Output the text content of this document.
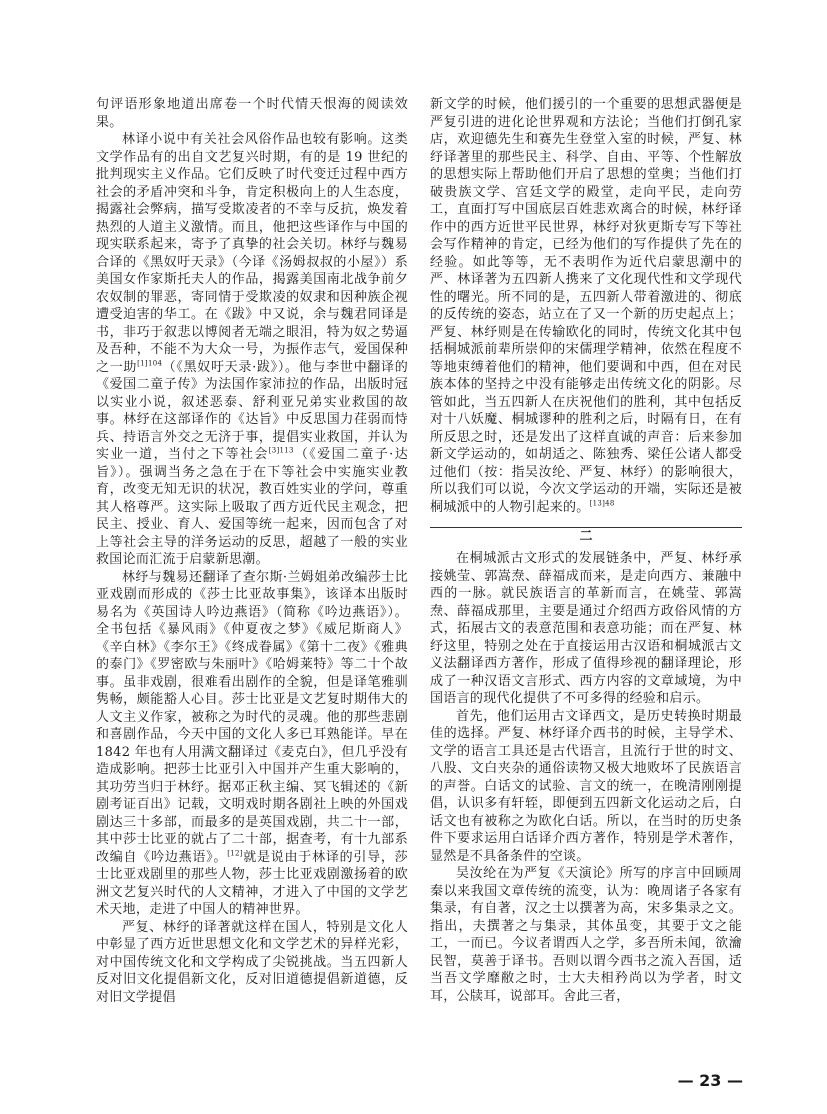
句评语形象地道出席卷一个时代情天恨海的阅读效果。

林译小说中有关社会风俗作品也较有影响。这类文学作品有的出自文艺复兴时期，有的是 19 世纪的批判现实主义作品。它们反映了时代变迁过程中西方社会的矛盾冲突和斗争，肯定积极向上的人生态度，揭露社会弊病，描写受欺凌者的不幸与反抗，焕发着热烈的人道主义激情。而且，他把这些译作与中国的现实联系起来，寄予了真挚的社会关切。林纾与魏易合译的《黑奴吁天录》（今译《汤姆叔叔的小屋》）系美国女作家斯托夫人的作品，揭露美国南北战争前夕农奴制的罪恶，寄同情于受欺凌的奴隶和因种族企视遭受迫害的华工。在《跋》中又说，余与魏君同译是书，非巧于叙悲以博阅者无端之眼泪，特为奴之势逼及吾种，不能不为大众一号，为振作志气，爱国保种之一助$^{[1]104}$（《黑奴吁天录·跋》）。他与李世中翻译的《爱国二童子传》为法国作家沛拉的作品，出版时冠以实业小说，叙述恶泰、舒利亚兄弟实业救国的故事。林纾在这部译作的《达旨》中反思国力荏弱而恃兵、持语言外交之无济于事，提倡实业救国，并认为实业一道，当付之下等社会$^{[3]113}$（《爱国二童子·达旨》）。强调当务之急在于在下等社会中实施实业教育，改变无知无识的状况，教百姓实业的学问，尊重其人格尊严。这实际上吸取了西方近代民主观念，把民主、授业、育人、爱国等统一起来，因而包含了对上等社会主导的洋务运动的反思，超越了一般的实业救国论而汇流于启蒙新思潮。

林纾与魏易还翻译了查尔斯·兰姆姐弟改编莎士比亚戏剧而形成的《莎士比亚故事集》，该译本出版时易名为《英国诗人吟边燕语》（简称《吟边燕语》）。全书包括《暴风雨》《仲夏夜之梦》《威尼斯商人》《辛白林》《李尔王》《终成眷属》《第十二夜》《雅典的泰门》《罗密欧与朱丽叶》《哈姆莱特》等二十个故事。虽非戏剧，很难看出剧作的全貌，但是译笔雅驯隽畅，颇能豁人心目。莎士比亚是文艺复时期伟大的人文主义作家，被称之为时代的灵魂。他的那些悲剧和喜剧作品，今天中国的文化人多已耳熟能详。早在 1842 年也有人用满文翻译过《麦克白》，但几乎没有造成影响。把莎士比亚引入中国并产生重大影响的，其功劳当归于林纾。据邓正秋主编、冥飞辑述的《新剧考证百出》记载，文明戏时期各剧社上映的外国戏剧达三十多部，而最多的是英国戏剧，共二十一部，其中莎士比亚的就占了二十部，据查考，有十九部系改编自《吟边燕语》。[12]就是说由于林译的引导，莎士比亚戏剧里的那些人物，莎士比亚戏剧激扬着的欧洲文艺复兴时代的人文精神，才进入了中国的文学艺术天地，走进了中国人的精神世界。

严复、林纾的译著就这样在国人，特别是文化人中彰显了西方近世思想文化和文学艺术的异样光彩，对中国传统文化和文学构成了尖锐挑战。当五四新人反对旧文化提倡新文化，反对旧道德提倡新道德，反对旧文学提倡

新文学的时候，他们援引的一个重要的思想武器便是严复引进的进化论世界观和方法论；当他们打倒孔家店，欢迎德先生和赛先生登堂入室的时候，严复、林纾译著里的那些民主、科学、自由、平等、个性解放的思想实际上帮助他们开启了思想的堂奥；当他们打破贵族文学、宫廷文学的殿堂，走向平民，走向劳工，直面打写中国底层百姓悲欢离合的时候，林纾译作中的西方近世平民世界，林纾对狄更斯专写下等社会写作精神的肯定，已经为他们的写作提供了先在的经验。如此等等，无不表明作为近代启蒙思潮中的严、林译著为五四新人携来了文化现代性和文学现代性的曙光。所不同的是，五四新人带着激进的、彻底的反传统的姿态，站立在了又一个新的历史起点上；严复、林纾则是在传输欧化的同时，传统文化其中包括桐城派前辈所崇仰的宋儒理学精神，依然在程度不等地束缚着他们的精神，他们要调和中西，但在对民族本体的坚持之中没有能够走出传统文化的阴影。尽管如此，当五四新人在庆祝他们的胜利，其中包括反对十八妖魔、桐城谬种的胜利之后，时隔有日，在有所反思之时，还是发出了这样直诚的声音：后来参加新文学运动的，如胡适之、陈独秀、梁任公诸人都受过他们（按：指吴汝纶、严复、林纾）的影响很大，所以我们可以说，今次文学运动的开端，实际还是被桐城派中的人物引起来的。$^{[13]48}$

二

在桐城派古文形式的发展链条中，严复、林纾承接姚莹、郭嵩焘、薛福成而来，是走向西方、兼融中西的一脉。就民族语言的革新而言，在姚莹、郭嵩焘、薛福成那里，主要是通过介绍西方政俗风情的方式，拓展古文的表意范围和表意功能；而在严复、林纾这里，特别之处在于直接运用古汉语和桐城派古文义法翻译西方著作，形成了值得珍视的翻译理论，形成了一种汉语文言形式、西方内容的文章域境，为中国语言的现代化提供了不可多得的经验和启示。

首先，他们运用古文译西文，是历史转换时期最佳的选择。严复、林纾译介西书的时候，主导学术、文学的语言工具还是古代语言，且流行于世的时文、八股、文白夹杂的通俗读物又极大地败坏了民族语言的声誉。白话文的试验、言文的统一，在晚清刚刚提倡，认识多有轩轾，即便到五四新文化运动之后，白话文也有被称之为欧化白话。所以，在当时的历史条件下要求运用白话译介西方著作，特别是学术著作，显然是不具备条件的空谈。

吴汝纶在为严复《天演论》所写的序言中回顾周秦以来我国文章传统的流变，认为：晚周诸子各家有集录，有自著，汉之士以撰著为高，宋多集录之文。指出，夫撰著之与集录，其体虽变，其要于文之能工，一而已。今议者谓西人之学，多吾所未闻，欲瀹民智，莫善于译书。吾则以谓今西书之流入吾国，适当吾文学靡敝之时，士大夫相矜尚以为学者，时文耳，公牍耳，说部耳。舍此三者，

— 23 —
